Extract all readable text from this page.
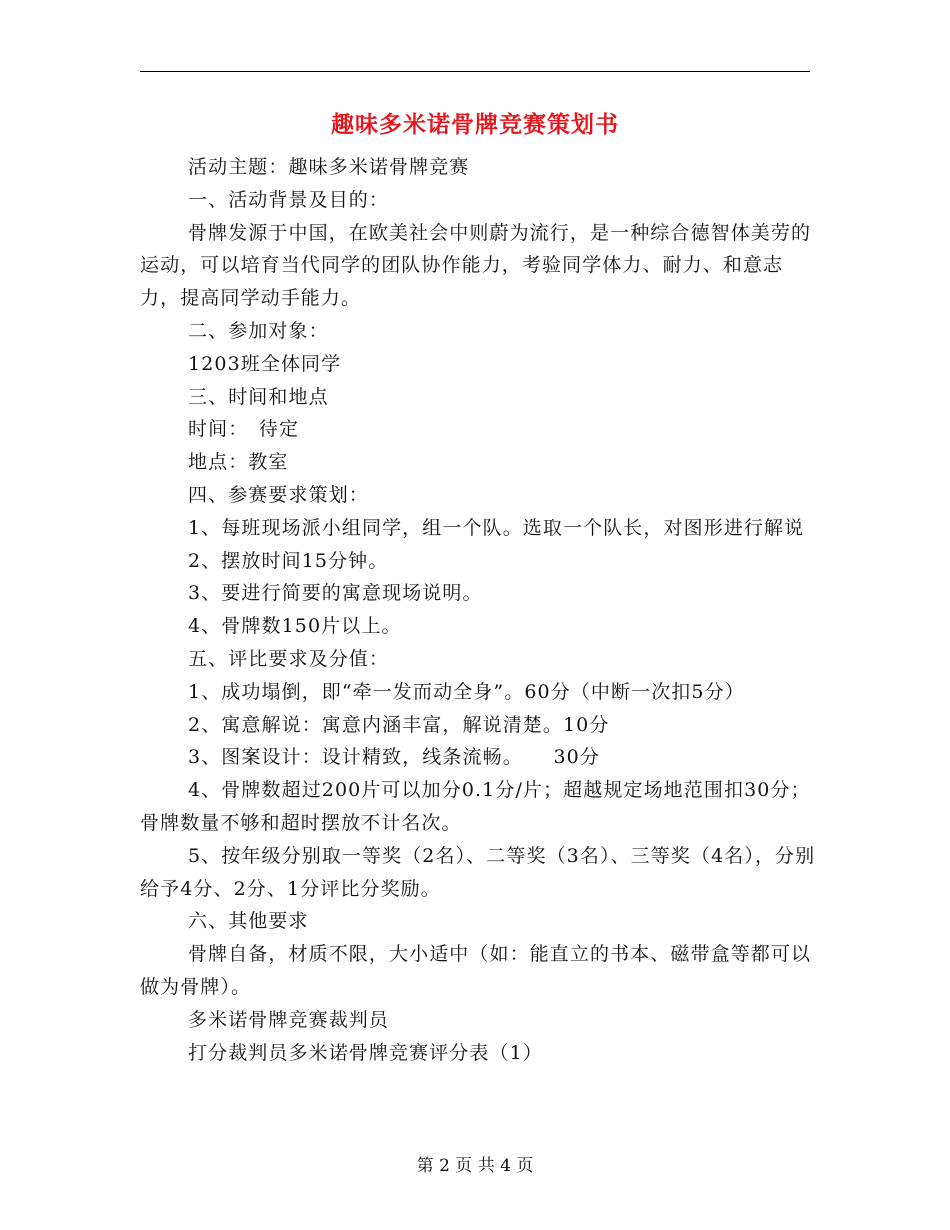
趣味多米诺骨牌竞赛策划书

活动主题：趣味多米诺骨牌竞赛

一、活动背景及目的：

骨牌发源于中国，在欧美社会中则蔚为流行，是一种综合德智体美劳的运动，可以培育当代同学的团队协作能力，考验同学体力、耐力、和意志力，提高同学动手能力。

二、参加对象：

1203班全体同学

三、时间和地点

时间：　待定

地点：教室

四、参赛要求策划：

1、每班现场派小组同学，组一个队。选取一个队长，对图形进行解说

2、摆放时间15分钟。

3、要进行简要的寓意现场说明。

4、骨牌数150片以上。

五、评比要求及分值：

1、成功塌倒，即“牵一发而动全身”。60分（中断一次扣5分）

2、寓意解说：寓意内涵丰富，解说清楚。10分

3、图案设计：设计精致，线条流畅。　　30分

4、骨牌数超过200片可以加分0.1分/片；超越规定场地范围扣30分；骨牌数量不够和超时摆放不计名次。

5、按年级分别取一等奖（2名）、二等奖（3名）、三等奖（4名），分别给予4分、2分、1分评比分奖励。

六、其他要求

骨牌自备，材质不限，大小适中（如：能直立的书本、磁带盒等都可以做为骨牌）。

多米诺骨牌竞赛裁判员

打分裁判员多米诺骨牌竞赛评分表（1）

第 2 页 共 4 页
